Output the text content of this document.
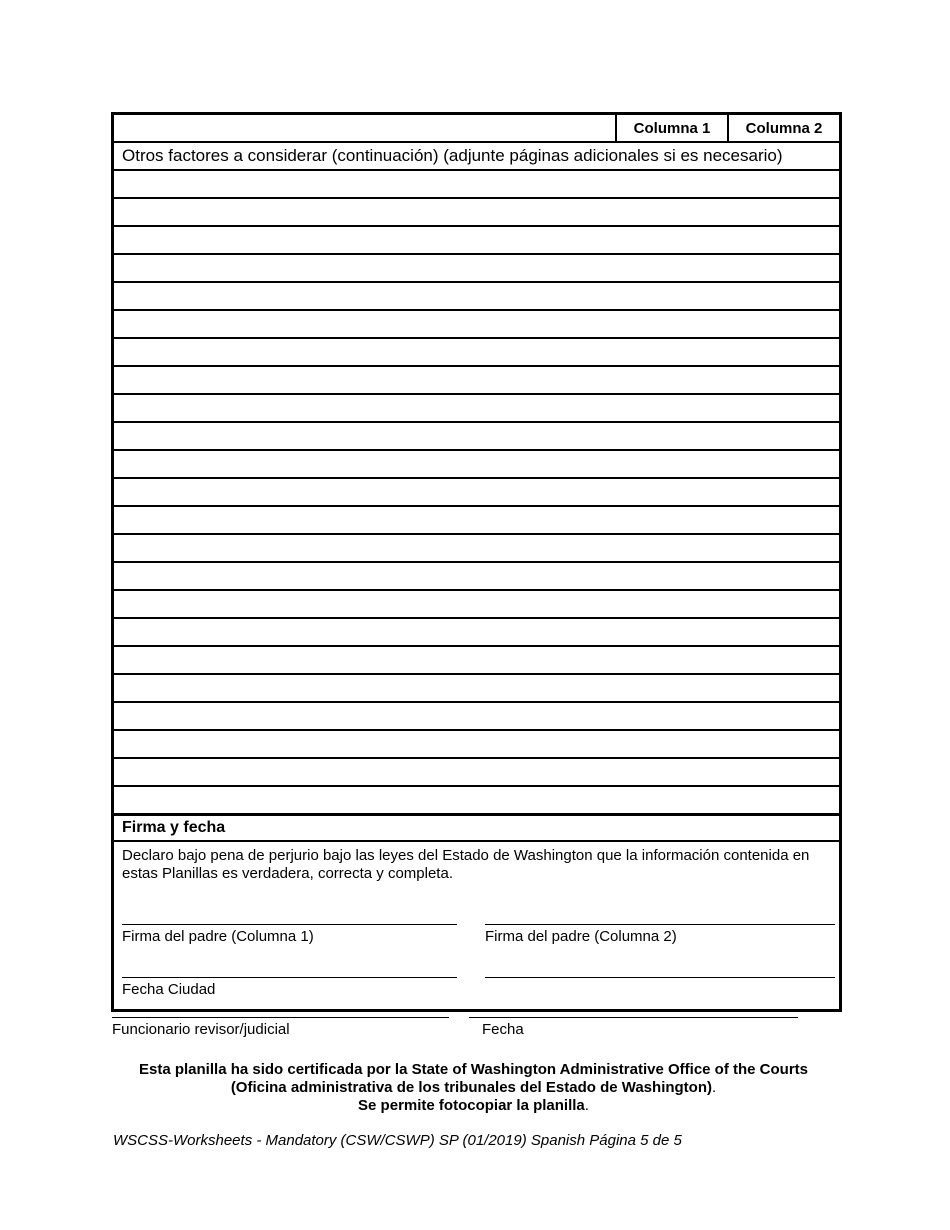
Columna 1	Columna 2
Otros factores a considerar (continuación) (adjunte páginas adicionales si es necesario)
Firma y fecha
Declaro bajo pena de perjurio bajo las leyes del Estado de Washington que la información contenida en estas Planillas es verdadera, correcta y completa.
Firma del padre (Columna 1)	Firma del padre (Columna 2)
Fecha Ciudad
Funcionario revisor/judicial	Fecha
Esta planilla ha sido certificada por la State of Washington Administrative Office of the Courts
(Oficina administrativa de los tribunales del Estado de Washington).
Se permite fotocopiar la planilla.
WSCSS-Worksheets - Mandatory (CSW/CSWP) SP (01/2019) Spanish Página 5 de 5
